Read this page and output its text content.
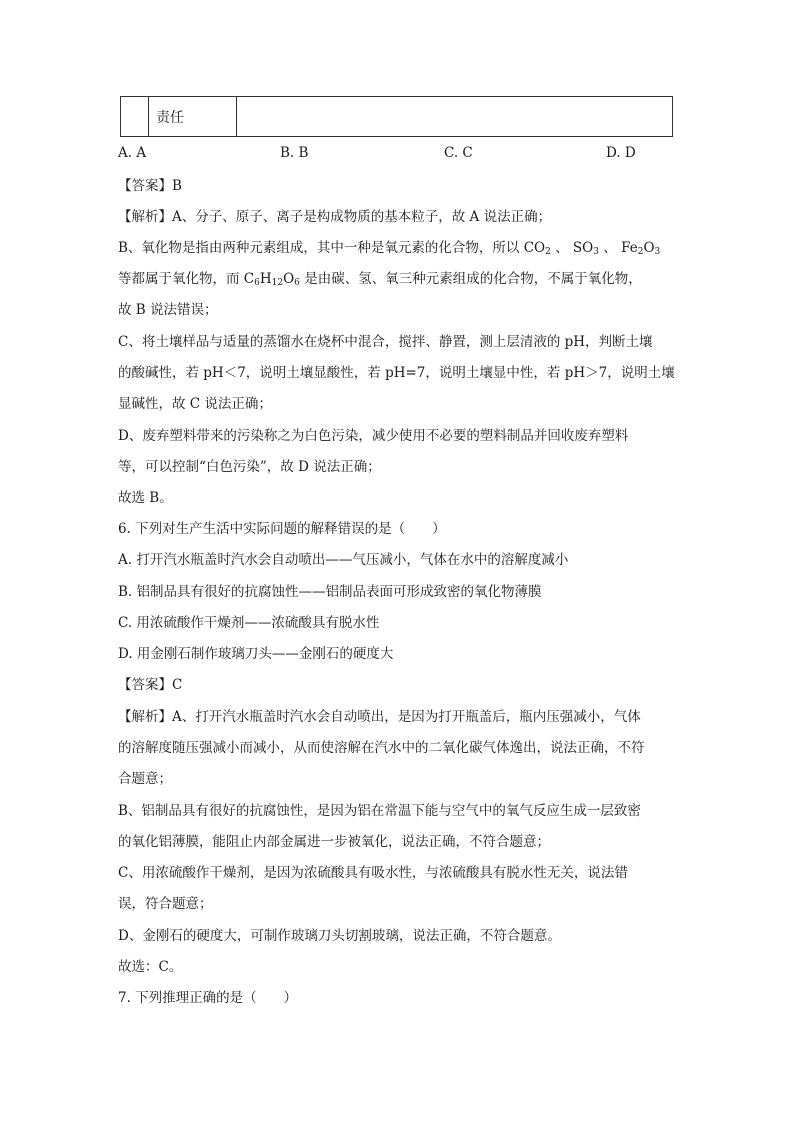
责任
A. A	B. B	C. C	D. D
【答案】B
【解析】A、分子、原子、离子是构成物质的基本粒子，故 A 说法正确；
B、氧化物是指由两种元素组成，其中一种是氧元素的化合物，所以 $CO_2$ 、 $SO_3$ 、 $Fe_2O_3$
等都属于氧化物，而 $C_6H_{12}O_6$ 是由碳、氢、氧三种元素组成的化合物，不属于氧化物，
故 B 说法错误；
C、将土壤样品与适量的蒸馏水在烧杯中混合，搅拌、静置，测上层清液的 pH，判断土壤
的酸碱性，若 pH＜7，说明土壤显酸性，若 pH=7，说明土壤显中性，若 pH＞7，说明土壤
显碱性，故 C 说法正确；
D、废弃塑料带来的污染称之为白色污染，减少使用不必要的塑料制品并回收废弃塑料
等，可以控制“白色污染”，故 D 说法正确；
故选 B。
6. 下列对生产生活中实际问题的解释错误的是（　　）
A. 打开汽水瓶盖时汽水会自动喷出——气压减小，气体在水中的溶解度减小
B. 铝制品具有很好的抗腐蚀性——铝制品表面可形成致密的氧化物薄膜
C. 用浓硫酸作干燥剂——浓硫酸具有脱水性
D. 用金刚石制作玻璃刀头——金刚石的硬度大
【答案】C
【解析】A、打开汽水瓶盖时汽水会自动喷出，是因为打开瓶盖后，瓶内压强减小，气体
的溶解度随压强减小而减小，从而使溶解在汽水中的二氧化碳气体逸出，说法正确，不符
合题意；
B、铝制品具有很好的抗腐蚀性，是因为铝在常温下能与空气中的氧气反应生成一层致密
的氧化铝薄膜，能阻止内部金属进一步被氧化，说法正确，不符合题意；
C、用浓硫酸作干燥剂，是因为浓硫酸具有吸水性，与浓硫酸具有脱水性无关，说法错
误，符合题意；
D、金刚石的硬度大，可制作玻璃刀头切割玻璃，说法正确，不符合题意。
故选：C。
7. 下列推理正确的是（　　）
